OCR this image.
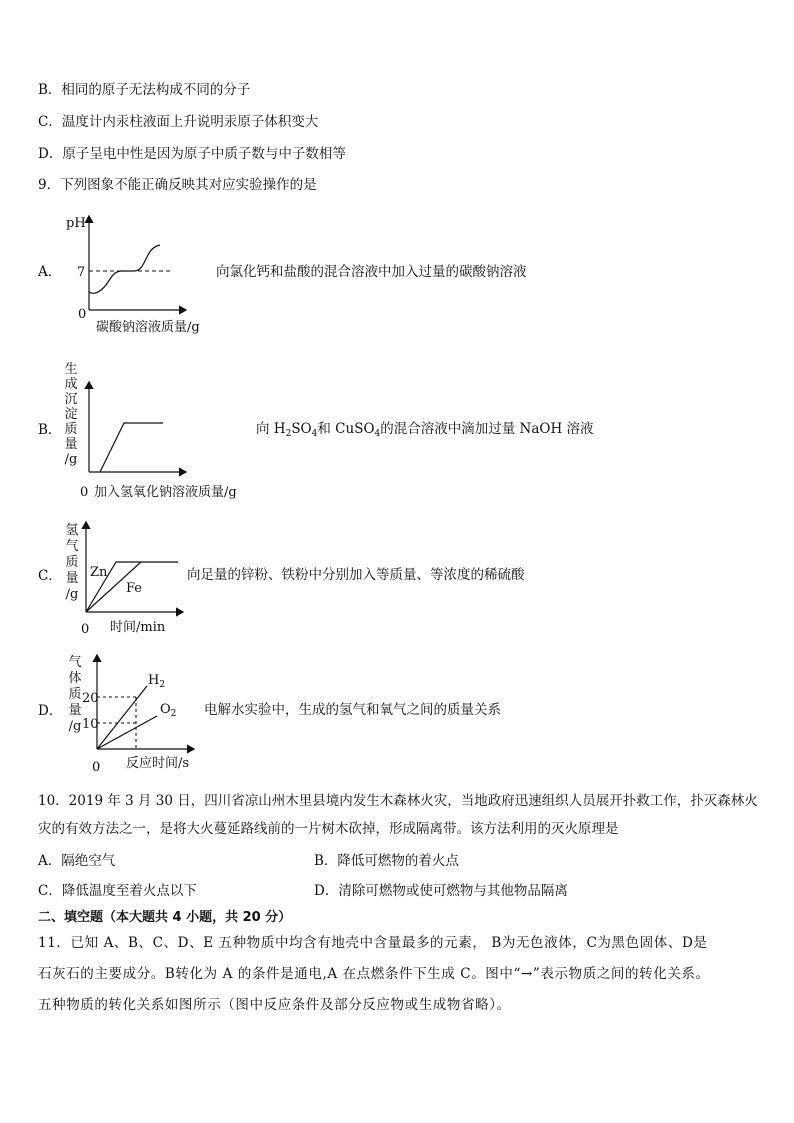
B．相同的原子无法构成不同的分子
C．温度计内汞柱液面上升说明汞原子体积变大
D．原子呈电中性是因为原子中质子数与中子数相等
9．下列图象不能正确反映其对应实验操作的是
A．
pH
7
0
碳酸钠溶液质量/g
向氯化钙和盐酸的混合溶液中加入过量的碳酸钠溶液
B．
生
成
沉
淀
质
量
/g
0 加入氢氧化钠溶液质量/g
向 $H_2SO_4$和 CuSO$_4$的混合溶液中滴加过量 NaOH 溶液
C．
氢
气
质
量
/g
Zn
Fe
0 时间/min
向足量的锌粉、铁粉中分别加入等质量、等浓度的稀硫酸
D．
气
体
质
量
/g
20
10
$H_2$
$O_2$
0 反应时间/s
电解水实验中，生成的氢气和氧气之间的质量关系
10．2019 年 3 月 30 日，四川省凉山州木里县境内发生木森林火灾，当地政府迅速组织人员展开扑救工作，扑灭森林火
灾的有效方法之一，是将大火蔓延路线前的一片树木砍掉，形成隔离带。该方法利用的灭火原理是
A．隔绝空气	B．降低可燃物的着火点
C．降低温度至着火点以下	D．清除可燃物或使可燃物与其他物品隔离
二、填空题（本大题共 4 小题，共 20 分）
11．已知 A、B、C、D、E 五种物质中均含有地壳中含量最多的元素， B为无色液体，C为黑色固体、D是
石灰石的主要成分。B转化为 A 的条件是通电,A 在点燃条件下生成 C。图中“→”表示物质之间的转化关系。
五种物质的转化关系如图所示（图中反应条件及部分反应物或生成物省略）。
